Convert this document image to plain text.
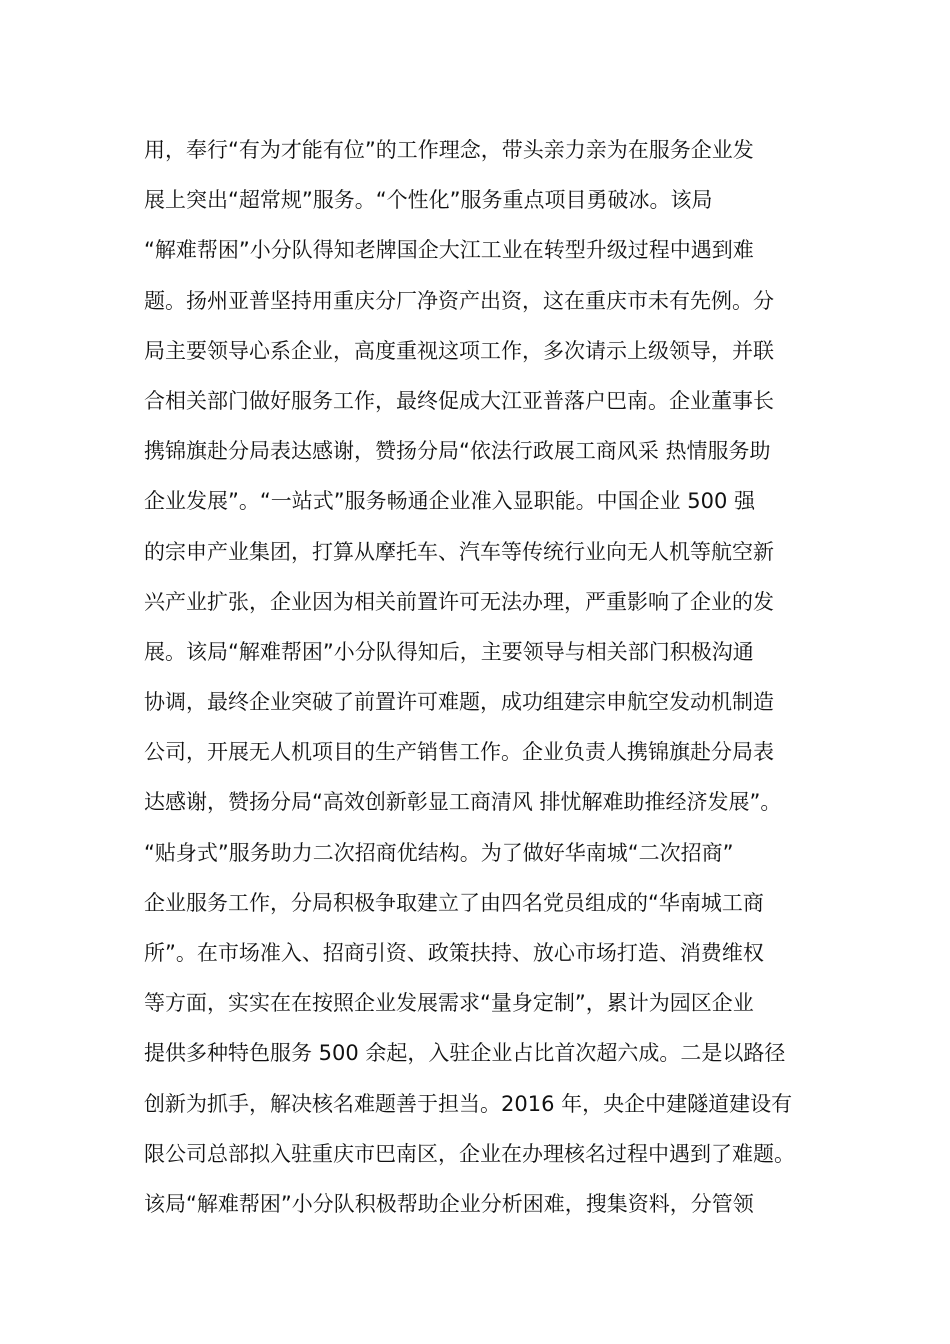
用，奉行“有为才能有位”的工作理念，带头亲力亲为在服务企业发
展上突出“超常规”服务。“个性化”服务重点项目勇破冰。该局
“解难帮困”小分队得知老牌国企大江工业在转型升级过程中遇到难
题。扬州亚普坚持用重庆分厂净资产出资，这在重庆市未有先例。分
局主要领导心系企业，高度重视这项工作，多次请示上级领导，并联
合相关部门做好服务工作，最终促成大江亚普落户巴南。企业董事长
携锦旗赴分局表达感谢，赞扬分局“依法行政展工商风采 热情服务助
企业发展”。“一站式”服务畅通企业准入显职能。中国企业 500 强
的宗申产业集团，打算从摩托车、汽车等传统行业向无人机等航空新
兴产业扩张，企业因为相关前置许可无法办理，严重影响了企业的发
展。该局“解难帮困”小分队得知后，主要领导与相关部门积极沟通
协调，最终企业突破了前置许可难题，成功组建宗申航空发动机制造
公司，开展无人机项目的生产销售工作。企业负责人携锦旗赴分局表
达感谢，赞扬分局“高效创新彰显工商清风 排忧解难助推经济发展”。
“贴身式”服务助力二次招商优结构。为了做好华南城“二次招商”
企业服务工作，分局积极争取建立了由四名党员组成的“华南城工商
所”。在市场准入、招商引资、政策扶持、放心市场打造、消费维权
等方面，实实在在按照企业发展需求“量身定制”，累计为园区企业
提供多种特色服务 500 余起，入驻企业占比首次超六成。二是以路径
创新为抓手，解决核名难题善于担当。2016 年，央企中建隧道建设有
限公司总部拟入驻重庆市巴南区，企业在办理核名过程中遇到了难题。
该局“解难帮困”小分队积极帮助企业分析困难，搜集资料，分管领
